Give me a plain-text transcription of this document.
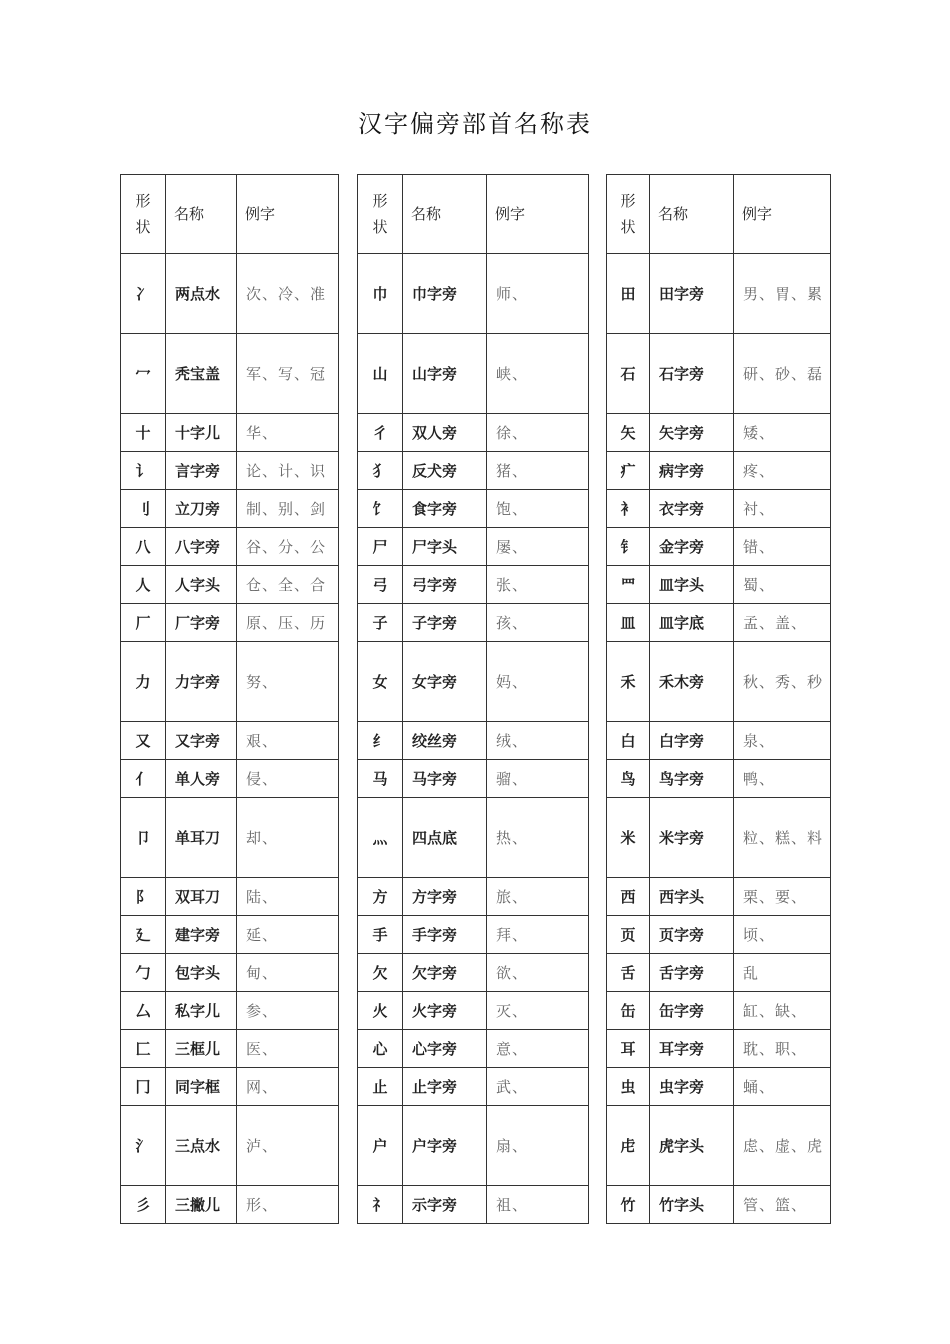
汉字偏旁部首名称表
形状	名称	例字
冫	两点水	次、冷、准
冖	秃宝盖	军、写、冠
十	十字儿	华、
讠	言字旁	论、计、识
刂	立刀旁	制、别、剑
八	八字旁	谷、分、公
人	人字头	仓、全、合
厂	厂字旁	原、压、历
力	力字旁	努、
又	又字旁	艰、
亻	单人旁	侵、
卩	单耳刀	却、
阝	双耳刀	陆、
廴	建字旁	延、
勹	包字头	甸、
厶	私字儿	参、
匚	三框儿	医、
冂	同字框	网、
氵	三点水	泸、
彡	三撇儿	形、
形状	名称	例字
巾	巾字旁	师、
山	山字旁	峡、
彳	双人旁	徐、
犭	反犬旁	猪、
饣	食字旁	饱、
尸	尸字头	屡、
弓	弓字旁	张、
子	子字旁	孩、
女	女字旁	妈、
纟	绞丝旁	绒、
马	马字旁	骝、
灬	四点底	热、
方	方字旁	旅、
手	手字旁	拜、
欠	欠字旁	欲、
火	火字旁	灭、
心	心字旁	意、
止	止字旁	武、
户	户字旁	扇、
礻	示字旁	祖、
形状	名称	例字
田	田字旁	男、胃、累
石	石字旁	研、砂、磊
矢	矢字旁	矮、
疒	病字旁	疼、
衤	衣字旁	衬、
钅	金字旁	错、
罒	皿字头	蜀、
皿	皿字底	孟、盖、
禾	禾木旁	秋、秀、秒
白	白字旁	泉、
鸟	鸟字旁	鸭、
米	米字旁	粒、糕、料
西	西字头	栗、要、
页	页字旁	顷、
舌	舌字旁	乱
缶	缶字旁	缸、缺、
耳	耳字旁	耽、职、
虫	虫字旁	蛹、
虍	虎字头	虑、虚、虎
竹	竹字头	管、篮、
